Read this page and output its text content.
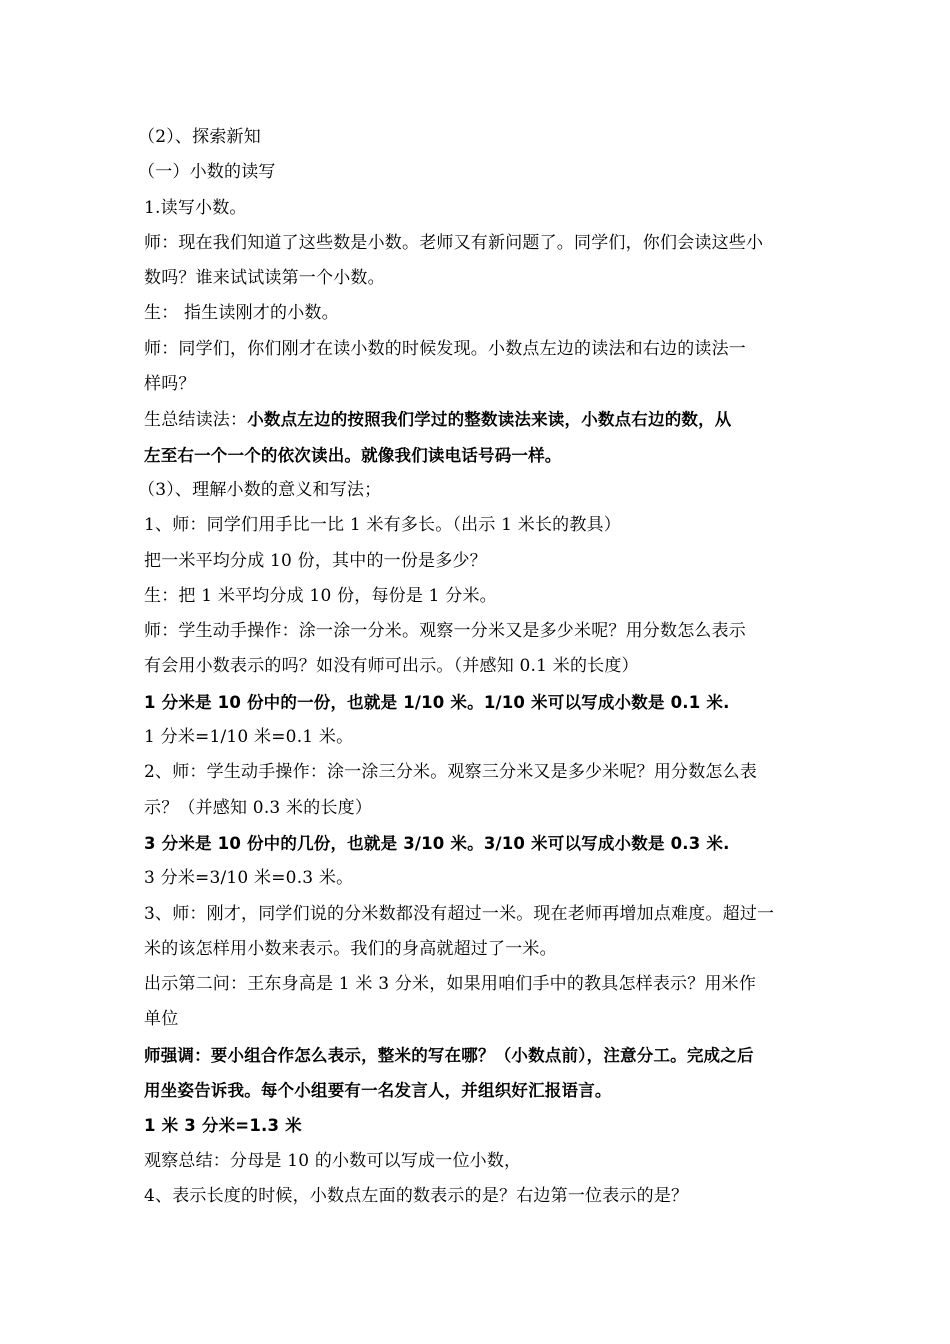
（2）、探索新知
（一）小数的读写
1.读写小数。
师：现在我们知道了这些数是小数。老师又有新问题了。同学们，你们会读这些小
数吗？谁来试试读第一个小数。
生： 指生读刚才的小数。
师：同学们，你们刚才在读小数的时候发现。小数点左边的读法和右边的读法一
样吗？
生总结读法：小数点左边的按照我们学过的整数读法来读，小数点右边的数，从
左至右一个一个的依次读出。就像我们读电话号码一样。
（3）、理解小数的意义和写法；
1、师：同学们用手比一比 1 米有多长。（出示 1 米长的教具）
把一米平均分成 10 份，其中的一份是多少？
生：把 1 米平均分成 10 份，每份是 1 分米。
师：学生动手操作：涂一涂一分米。观察一分米又是多少米呢？用分数怎么表示
有会用小数表示的吗？如没有师可出示。（并感知 0.1 米的长度）
1 分米是 10 份中的一份，也就是 1/10 米。1/10 米可以写成小数是 0.1 米.
1 分米=1/10 米=0.1 米。
2、师：学生动手操作：涂一涂三分米。观察三分米又是多少米呢？用分数怎么表
示？（并感知 0.3 米的长度）
3 分米是 10 份中的几份，也就是 3/10 米。3/10 米可以写成小数是 0.3 米.
3 分米=3/10 米=0.3 米。
3、师：刚才，同学们说的分米数都没有超过一米。现在老师再增加点难度。超过一
米的该怎样用小数来表示。我们的身高就超过了一米。
出示第二问：王东身高是 1 米 3 分米，如果用咱们手中的教具怎样表示？用米作
单位
师强调：要小组合作怎么表示，整米的写在哪？（小数点前），注意分工。完成之后
用坐姿告诉我。每个小组要有一名发言人，并组织好汇报语言。
1 米 3 分米=1.3 米
观察总结：分母是 10 的小数可以写成一位小数，
4、表示长度的时候，小数点左面的数表示的是？右边第一位表示的是？
